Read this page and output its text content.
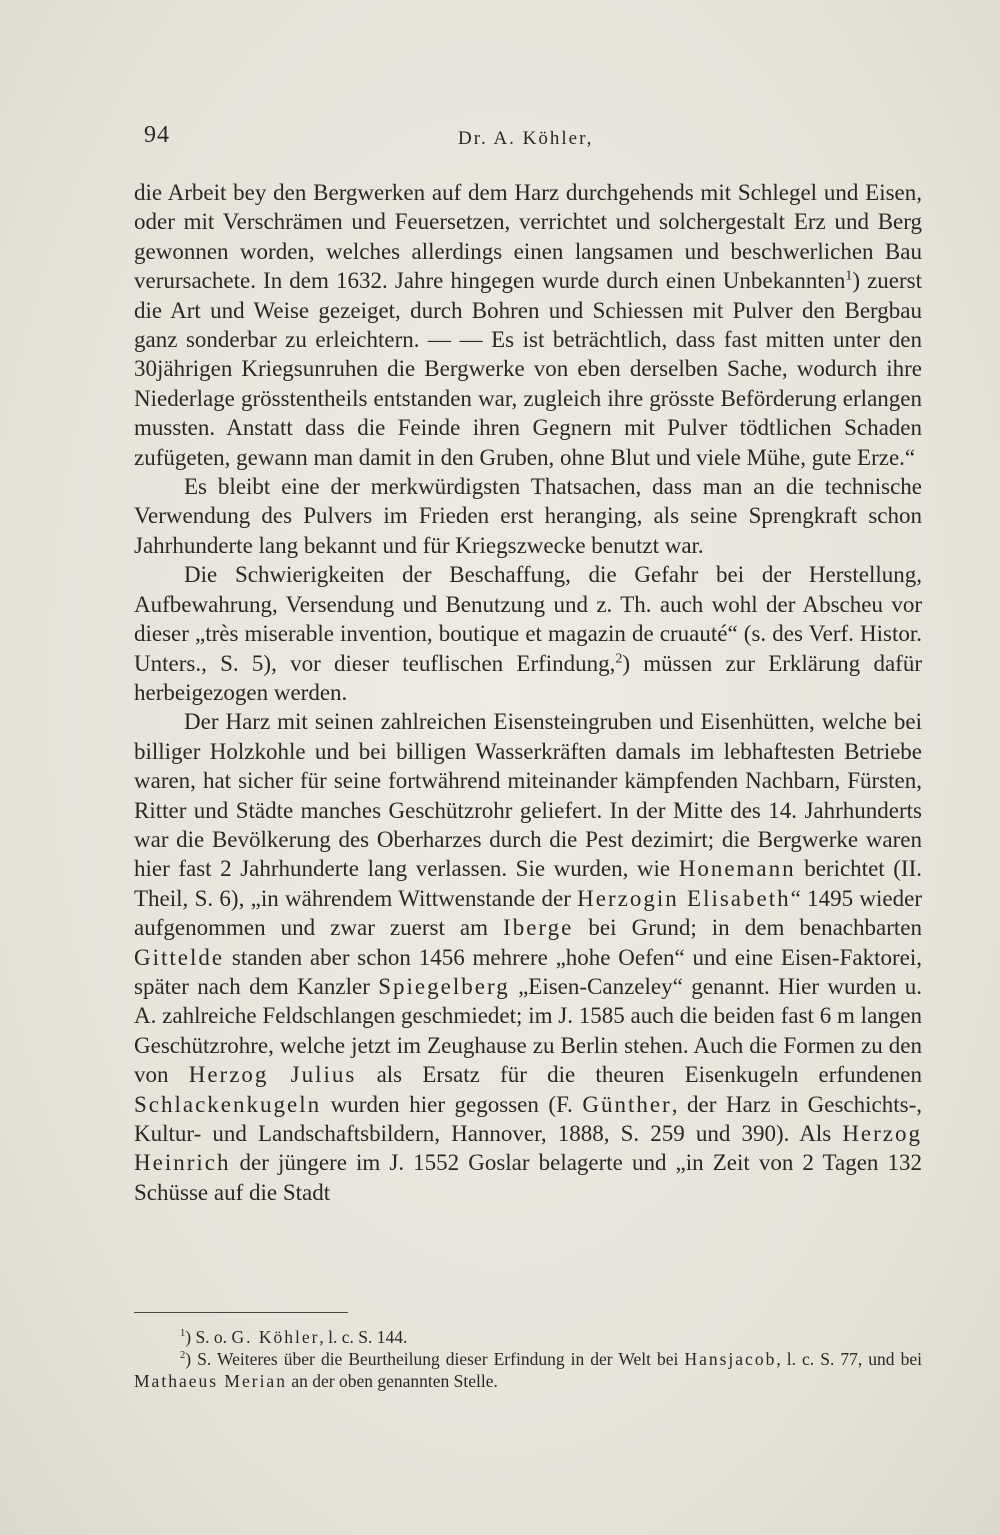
94	Dr. A. Köhler,

die Arbeit bey den Bergwerken auf dem Harz durchgehends mit Schlegel und Eisen, oder mit Verschrämen und Feuersetzen, verrichtet und solchergestalt Erz und Berg gewonnen worden, welches allerdings einen langsamen und beschwerlichen Bau verursachete. In dem 1632. Jahre hingegen wurde durch einen Unbekannten$^1$) zuerst die Art und Weise gezeiget, durch Bohren und Schiessen mit Pulver den Bergbau ganz sonderbar zu erleichtern. — — Es ist beträchtlich, dass fast mitten unter den 30jährigen Kriegsunruhen die Bergwerke von eben derselben Sache, wodurch ihre Niederlage grösstentheils entstanden war, zugleich ihre grösste Beförderung erlangen mussten. Anstatt dass die Feinde ihren Gegnern mit Pulver tödtlichen Schaden zufügeten, gewann man damit in den Gruben, ohne Blut und viele Mühe, gute Erze.“

Es bleibt eine der merkwürdigsten Thatsachen, dass man an die technische Verwendung des Pulvers im Frieden erst heranging, als seine Sprengkraft schon Jahrhunderte lang bekannt und für Kriegszwecke benutzt war.

Die Schwierigkeiten der Beschaffung, die Gefahr bei der Herstellung, Aufbewahrung, Versendung und Benutzung und z. Th. auch wohl der Abscheu vor dieser „très miserable invention, boutique et magazin de cruauté“ (s. des Verf. Histor. Unters., S. 5), vor dieser teuflischen Erfindung,$^2$) müssen zur Erklärung dafür herbeigezogen werden.

Der Harz mit seinen zahlreichen Eisensteingruben und Eisenhütten, welche bei billiger Holzkohle und bei billigen Wasserkräften damals im lebhaftesten Betriebe waren, hat sicher für seine fortwährend miteinander kämpfenden Nachbarn, Fürsten, Ritter und Städte manches Geschützrohr geliefert. In der Mitte des 14. Jahrhunderts war die Bevölkerung des Oberharzes durch die Pest dezimirt; die Bergwerke waren hier fast 2 Jahrhunderte lang verlassen. Sie wurden, wie Honemann berichtet (II. Theil, S. 6), „in währendem Wittwenstande der Herzogin Elisabeth“ 1495 wieder aufgenommen und zwar zuerst am Iberge bei Grund; in dem benachbarten Gittelde standen aber schon 1456 mehrere „hohe Oefen“ und eine Eisen-Faktorei, später nach dem Kanzler Spiegelberg „Eisen-Canzeley“ genannt. Hier wurden u. A. zahlreiche Feldschlangen geschmiedet; im J. 1585 auch die beiden fast 6 m langen Geschützrohre, welche jetzt im Zeughause zu Berlin stehen. Auch die Formen zu den von Herzog Julius als Ersatz für die theuren Eisenkugeln erfundenen Schlackenkugeln wurden hier gegossen (F. Günther, der Harz in Geschichts-, Kultur- und Landschaftsbildern, Hannover, 1888, S. 259 und 390). Als Herzog Heinrich der jüngere im J. 1552 Goslar belagerte und „in Zeit von 2 Tagen 132 Schüsse auf die Stadt

$^1$) S. o. G. Köhler, l. c. S. 144.

$^2$) S. Weiteres über die Beurtheilung dieser Erfindung in der Welt bei Hansjacob, l. c. S. 77, und bei Mathaeus Merian an der oben genannten Stelle.
